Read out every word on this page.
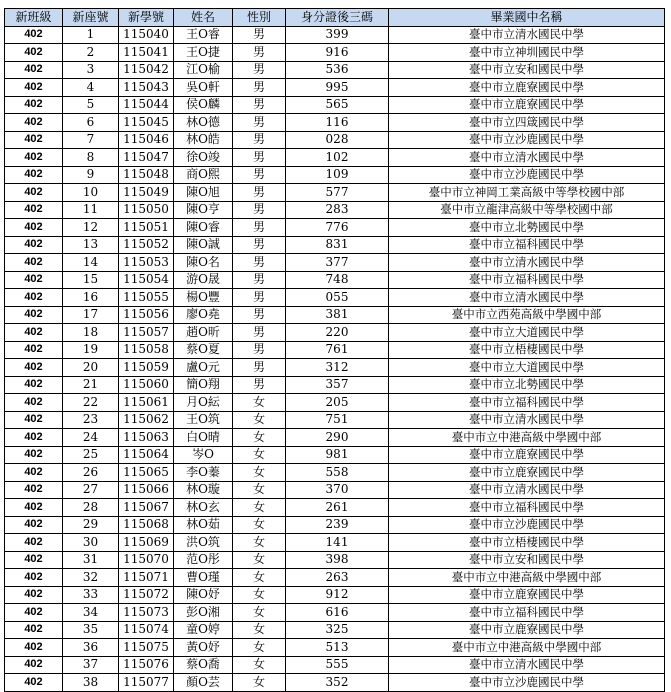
新班級	新座號	新學號	姓名	性別	身分證後三碼	畢業國中名稱
402	1	115040	王O睿	男	399	臺中市立清水國民中學
402	2	115041	王O捷	男	916	臺中市立神圳國民中學
402	3	115042	江O榆	男	536	臺中市立安和國民中學
402	4	115043	吳O軒	男	995	臺中市立鹿寮國民中學
402	5	115044	侯O麟	男	565	臺中市立鹿寮國民中學
402	6	115045	林O德	男	116	臺中市立四箴國民中學
402	7	115046	林O皓	男	028	臺中市立沙鹿國民中學
402	8	115047	徐O竣	男	102	臺中市立清水國民中學
402	9	115048	商O熙	男	109	臺中市立沙鹿國民中學
402	10	115049	陳O旭	男	577	臺中市立神岡工業高級中等學校國中部
402	11	115050	陳O亨	男	283	臺中市立龍津高級中等學校國中部
402	12	115051	陳O睿	男	776	臺中市立北勢國民中學
402	13	115052	陳O誠	男	831	臺中市立福科國民中學
402	14	115053	陳O名	男	377	臺中市立清水國民中學
402	15	115054	游O晟	男	748	臺中市立福科國民中學
402	16	115055	楊O豐	男	055	臺中市立清水國民中學
402	17	115056	廖O堯	男	381	臺中市立西苑高級中學國中部
402	18	115057	趙O昕	男	220	臺中市立大道國民中學
402	19	115058	蔡O夏	男	761	臺中市立梧棲國民中學
402	20	115059	盧O元	男	312	臺中市立大道國民中學
402	21	115060	簡O翔	男	357	臺中市立北勢國民中學
402	22	115061	月O紜	女	205	臺中市立福科國民中學
402	23	115062	王O筑	女	751	臺中市立清水國民中學
402	24	115063	白O晴	女	290	臺中市立中港高級中學國中部
402	25	115064	岑O	女	981	臺中市立鹿寮國民中學
402	26	115065	李O蓁	女	558	臺中市立鹿寮國民中學
402	27	115066	林O璇	女	370	臺中市立清水國民中學
402	28	115067	林O玄	女	261	臺中市立福科國民中學
402	29	115068	林O茹	女	239	臺中市立沙鹿國民中學
402	30	115069	洪O筑	女	141	臺中市立梧棲國民中學
402	31	115070	范O彤	女	398	臺中市立安和國民中學
402	32	115071	曹O瑾	女	263	臺中市立中港高級中學國中部
402	33	115072	陳O妤	女	912	臺中市立鹿寮國民中學
402	34	115073	彭O湘	女	616	臺中市立福科國民中學
402	35	115074	童O婷	女	325	臺中市立鹿寮國民中學
402	36	115075	黃O妤	女	513	臺中市立中港高級中學國中部
402	37	115076	蔡O喬	女	555	臺中市立清水國民中學
402	38	115077	顏O芸	女	352	臺中市立沙鹿國民中學
